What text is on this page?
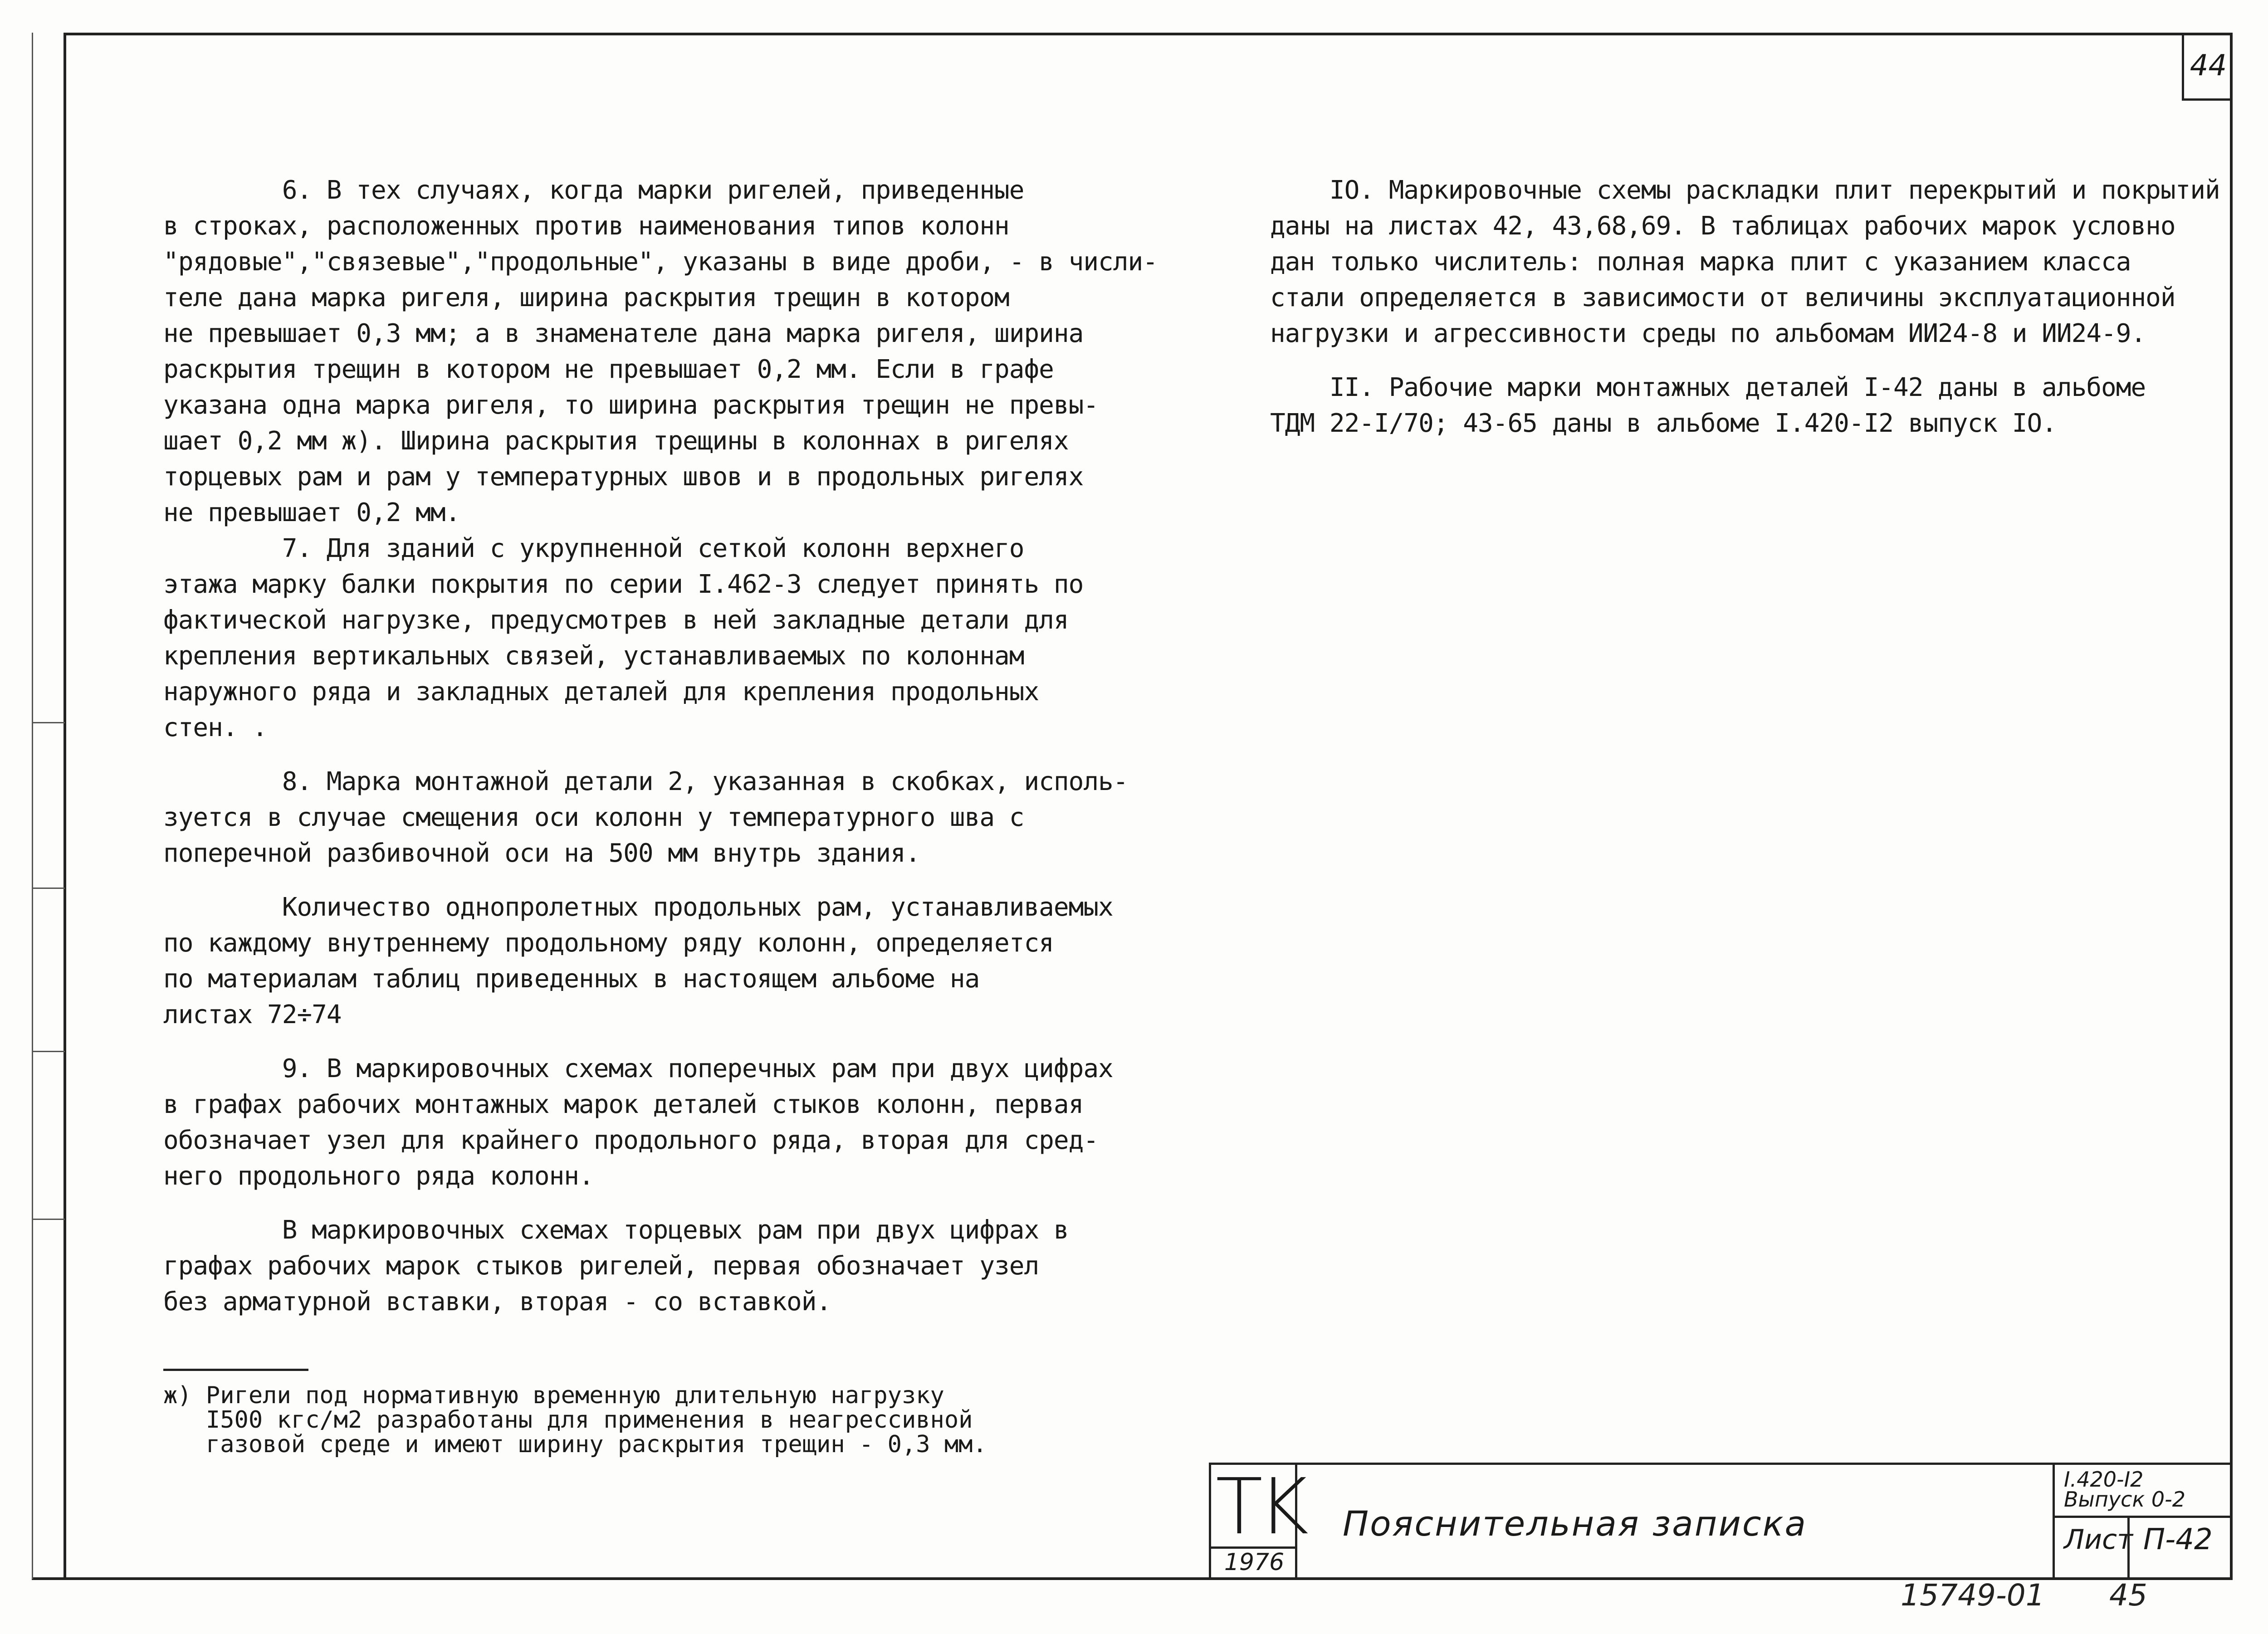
44
6. В тех случаях, когда марки ригелей, приведенные
в строках, расположенных против наименования типов колонн
"рядовые","связевые","продольные", указаны в виде дроби, - в числи-
теле дана марка ригеля, ширина раскрытия трещин в котором
не превышает 0,3 мм; а в знаменателе дана марка ригеля, ширина
раскрытия трещин в котором не превышает 0,2 мм. Если в графе
указана одна марка ригеля, то ширина раскрытия трещин не превы-
шает 0,2 мм ж). Ширина раскрытия трещины в колоннах в ригелях
торцевых рам и рам у температурных швов и в продольных ригелях
не превышает 0,2 мм.
7. Для зданий с укрупненной сеткой колонн верхнего
этажа марку балки покрытия по серии I.462-3 следует принять по
фактической нагрузке, предусмотрев в ней закладные детали для
крепления вертикальных связей, устанавливаемых по колоннам
наружного ряда и закладных деталей для крепления продольных
стен. .
8. Марка монтажной детали 2, указанная в скобках, исполь-
зуется в случае смещения оси колонн у температурного шва с
поперечной разбивочной оси на 500 мм внутрь здания.
Количество однопролетных продольных рам, устанавливаемых
по каждому внутреннему продольному ряду колонн, определяется
по материалам таблиц приведенных в настоящем альбоме на
листах 72÷74
9. В маркировочных схемах поперечных рам при двух цифрах
в графах рабочих монтажных марок деталей стыков колонн, первая
обозначает узел для крайнего продольного ряда, вторая для сред-
него продольного ряда колонн.
В маркировочных схемах торцевых рам при двух цифрах в
графах рабочих марок стыков ригелей, первая обозначает узел
без арматурной вставки, вторая - со вставкой.
IO. Маркировочные схемы раскладки плит перекрытий и покрытий
даны на листах 42, 43,68,69. В таблицах рабочих марок условно
дан только числитель: полная марка плит с указанием класса
стали определяется в зависимости от величины эксплуатационной
нагрузки и агрессивности среды по альбомам ИИ24-8 и ИИ24-9.
II. Рабочие марки монтажных деталей I-42 даны в альбоме
ТДМ 22-I/70; 43-65 даны в альбоме I.420-I2 выпуск IO.
ж) Ригели под нормативную временную длительную нагрузку
I500 кгс/м2 разработаны для применения в неагрессивной
газовой среде и имеют ширину раскрытия трещин - 0,3 мм.
TK
1976
Пояснительная записка
I.420-I2
Выпуск 0-2
Лист П-42
15749-01 45
